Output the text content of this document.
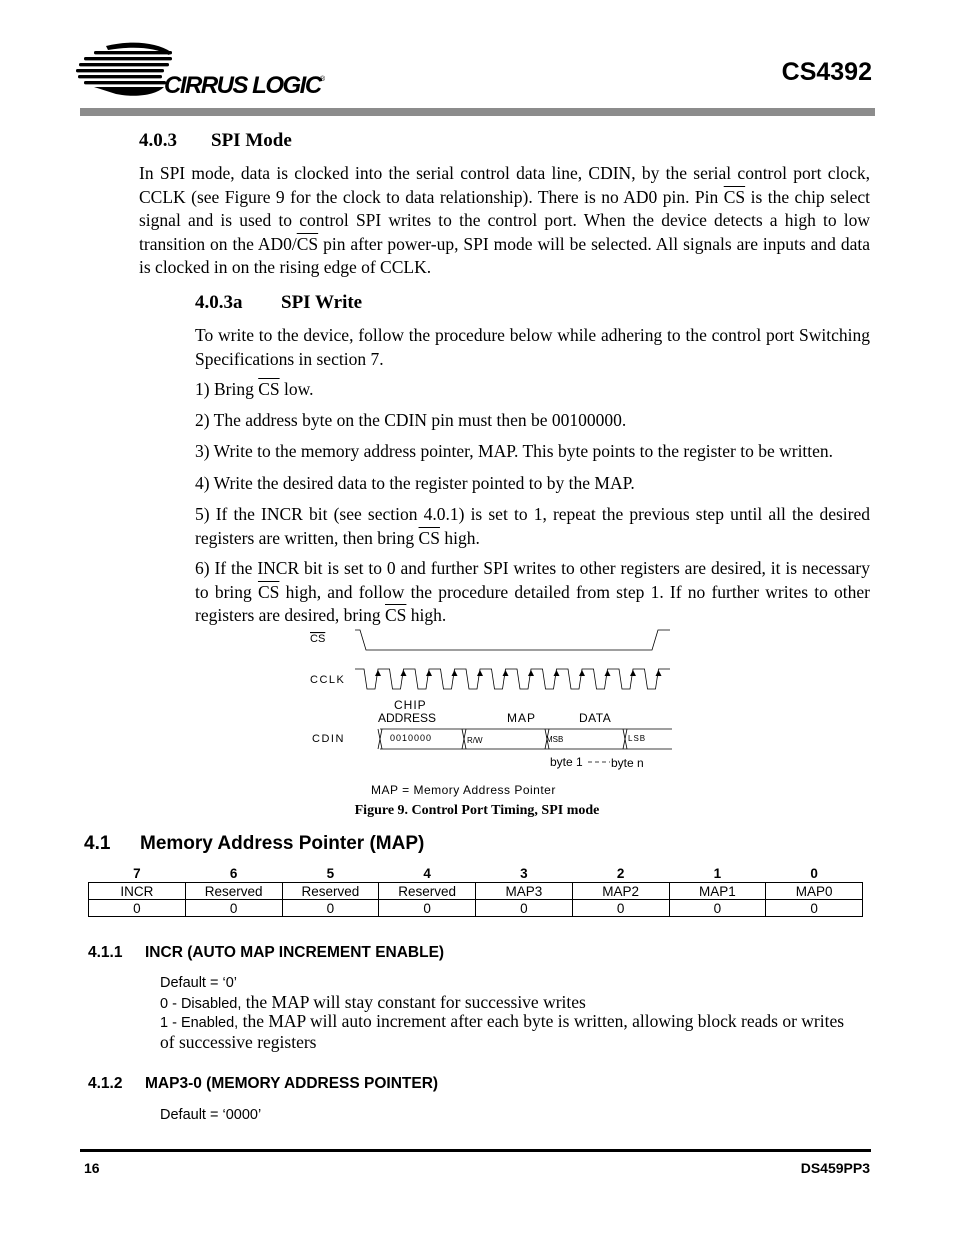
CIRRUS LOGIC ®	CS4392
4.0.3 SPI Mode
In SPI mode, data is clocked into the serial control data line, CDIN, by the serial control port clock, CCLK (see Figure 9 for the clock to data relationship). There is no AD0 pin. Pin $\overline{CS}$ is the chip select signal and is used to control SPI writes to the control port. When the device detects a high to low transition on the $AD0/\overline{CS}$ pin after power-up, SPI mode will be selected. All signals are inputs and data is clocked in on the rising edge of CCLK.
4.0.3a SPI Write
To write to the device, follow the procedure below while adhering to the control port Switching Specifications in section 7.
1) Bring $\overline{CS}$ low.
2) The address byte on the CDIN pin must then be 00100000.
3) Write to the memory address pointer, MAP. This byte points to the register to be written.
4) Write the desired data to the register pointed to by the MAP.
5) If the INCR bit (see section 4.0.1) is set to 1, repeat the previous step until all the desired registers are written, then bring $\overline{CS}$ high.
6) If the INCR bit is set to 0 and further SPI writes to other registers are desired, it is necessary to bring $\overline{CS}$ high, and follow the procedure detailed from step 1. If no further writes to other registers are desired, bring $\overline{CS}$ high.
CS
CCLK
CDIN
CHIP
ADDRESS	MAP	DATA
0010000	R/W	MSB	LSB
byte 1 byte n
MAP = Memory Address Pointer
Figure 9. Control Port Timing, SPI mode
4.1 Memory Address Pointer (MAP)
7	6	5	4	3	2	1	0
INCR	Reserved	Reserved	Reserved	MAP3	MAP2	MAP1	MAP0
0	0	0	0	0	0	0	0
4.1.1 INCR (AUTO MAP INCREMENT ENABLE)
Default = ‘0’
0 - Disabled, the MAP will stay constant for successive writes
1 - Enabled, the MAP will auto increment after each byte is written, allowing block reads or writes of successive registers
4.1.2 MAP3-0 (MEMORY ADDRESS POINTER)
Default = ‘0000’
16	DS459PP3
